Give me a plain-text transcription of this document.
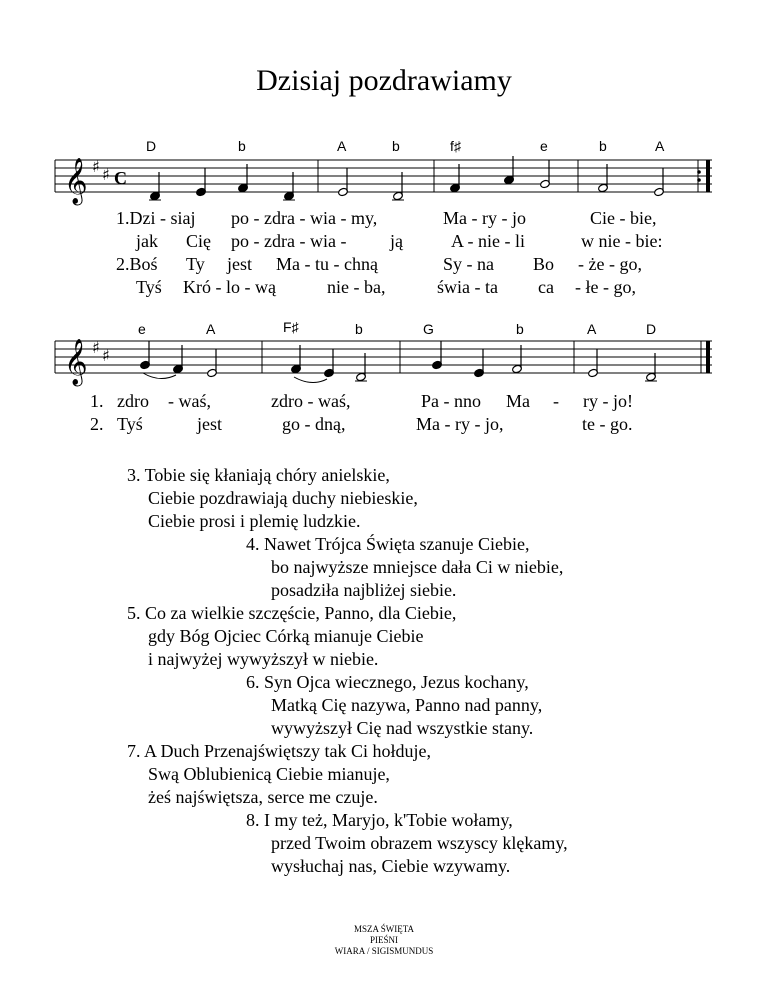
Dzisiaj pozdrawiamy
𝄞 ♯ ♯ C
D	b	A	b	f♯	e	b	A
1.Dzi - siaj po - zdra - wia - my,	Ma - ry - jo	Cie - bie,
jak Cię po - zdra - wia - ją	A - nie - li	w nie - bie:
2.Boś Ty jest Ma - tu - chną	Sy - na Bo - że - go,
Tyś Kró - lo - wą	nie - ba,	świa - ta ca - łe - go,
𝄞 ♯ ♯
e	A	F♯	b	G	b	A	D
1. zdro - waś,	zdro - waś,	Pa - nno Ma - ry - jo!
2. Tyś	jest	go - dną,	Ma - ry - jo,	te - go.
3. Tobie się kłaniają chóry anielskie,
Ciebie pozdrawiają duchy niebieskie,
Ciebie prosi i plemię ludzkie.
4. Nawet Trójca Święta szanuje Ciebie,
bo najwyższe mniejsce dała Ci w niebie,
posadziła najbliżej siebie.
5. Co za wielkie szczęście, Panno, dla Ciebie,
gdy Bóg Ojciec Córką mianuje Ciebie
i najwyżej wywyższył w niebie.
6. Syn Ojca wiecznego, Jezus kochany,
Matką Cię nazywa, Panno nad panny,
wywyższył Cię nad wszystkie stany.
7. A Duch Przenajświętszy tak Ci hołduje,
Swą Oblubienicą Ciebie mianuje,
żeś najświętsza, serce me czuje.
8. I my też, Maryjo, k'Tobie wołamy,
przed Twoim obrazem wszyscy klękamy,
wysłuchaj nas, Ciebie wzywamy.
MSZA ŚWIĘTA
PIEŚNI
WIARA / SIGISMUNDUS
